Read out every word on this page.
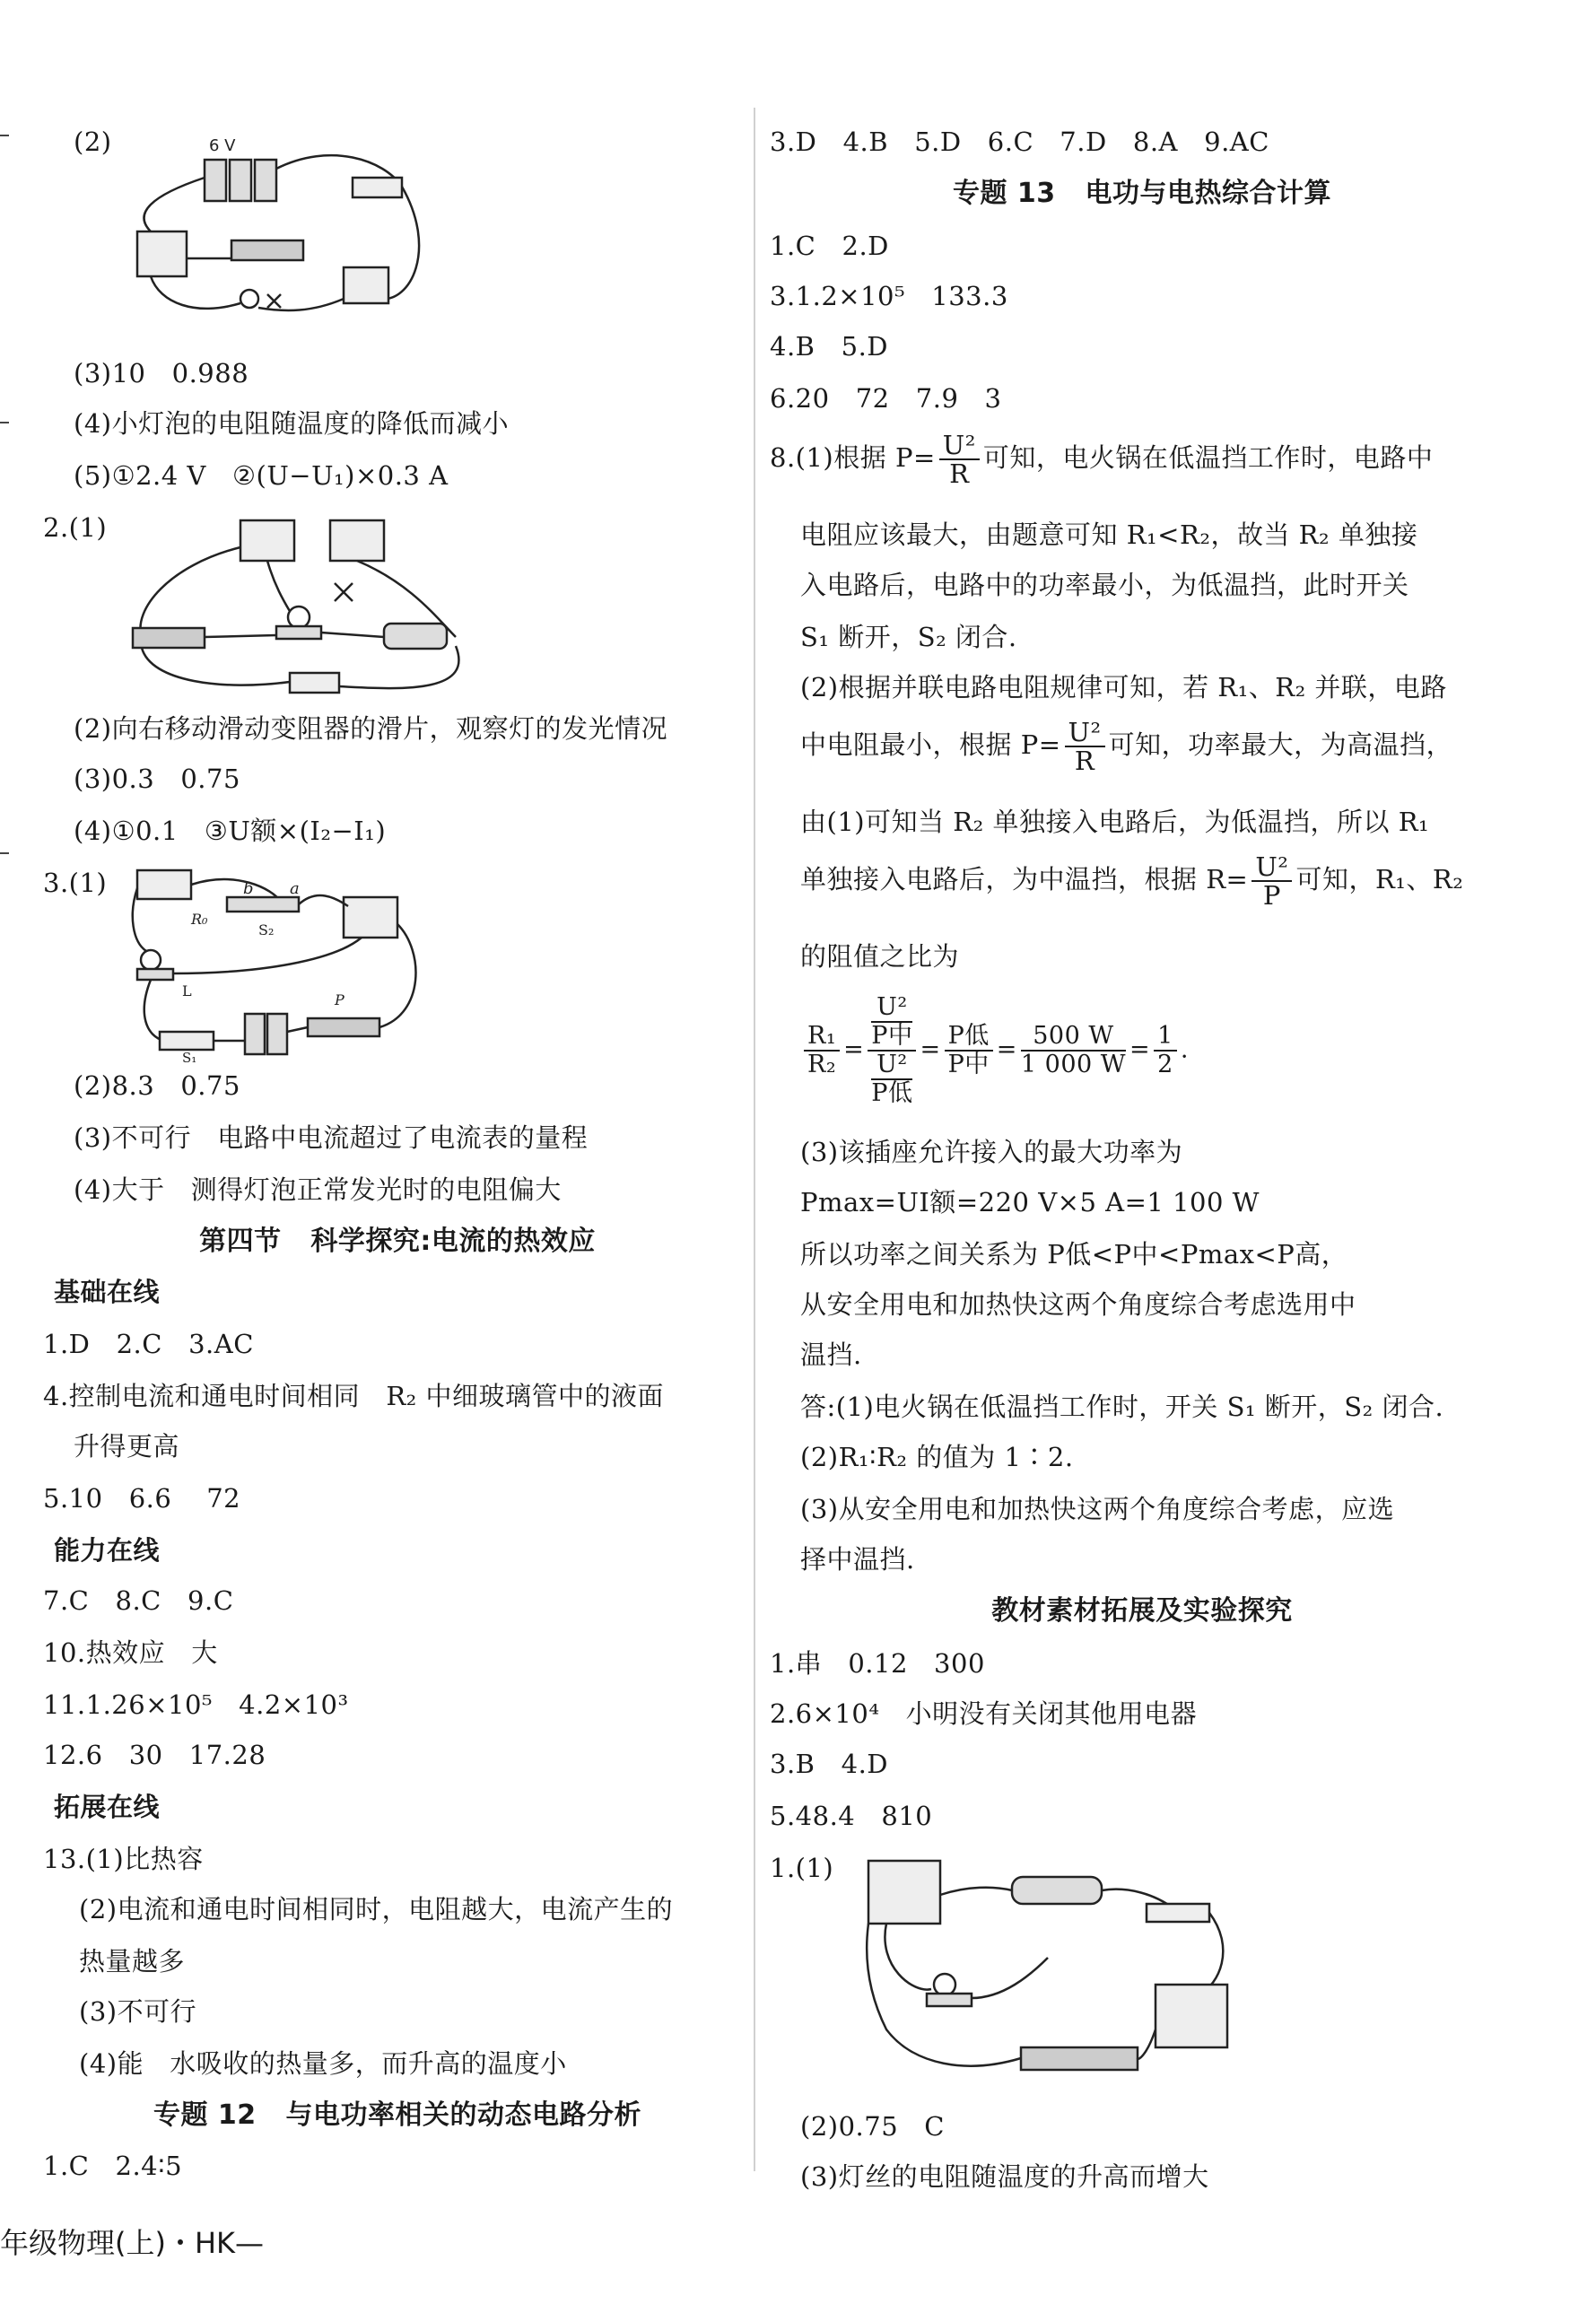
(2)	6 V
(3)10   0.988
(4)小灯泡的电阻随温度的降低而减小
(5)①2.4 V   ②(U−U₁)×0.3 A
2.(1)
(2)向右移动滑动变阻器的滑片，观察灯的发光情况
(3)0.3   0.75
(4)①0.1   ③U额×(I₂−I₁)
3.(1)	b a
R₀
S₂
L
P
S₁
(2)8.3   0.75
(3)不可行   电路中电流超过了电流表的量程
(4)大于   测得灯泡正常发光时的电阻偏大
第四节   科学探究:电流的热效应
基础在线
1.D   2.C   3.AC
4.控制电流和通电时间相同   R₂ 中细玻璃管中的液面
升得更高
5.10   6.6    72
能力在线
7.C   8.C   9.C
10.热效应   大
11.1.26×10⁵   4.2×10³
12.6   30   17.28
拓展在线
13.(1)比热容
(2)电流和通电时间相同时，电阻越大，电流产生的
热量越多
(3)不可行
(4)能   水吸收的热量多，而升高的温度小
专题 12   与电功率相关的动态电路分析
1.C   2.4∶5
3.D   4.B   5.D   6.C   7.D   8.A   9.AC
专题 13   电功与电热综合计算
1.C   2.D
3.1.2×10⁵   133.3
4.B   5.D
6.20   72   7.9   3
8.(1)根据 $P= \frac{\text{U²}}{R}$ 可知，电火锅在低温挡工作时，电路中
电阻应该最大，由题意可知 R₁<R₂，故当 R₂ 单独接
入电路后，电路中的功率最小，为低温挡，此时开关
S₁ 断开，S₂ 闭合.
(2)根据并联电路电阻规律可知，若 R₁、R₂ 并联，电路
中电阻最小，根据 $P= \frac{\text{U²}}{R}$ 可知，功率最大，为高温挡，
由(1)可知当 R₂ 单独接入电路后，为低温挡，所以 R₁
单独接入电路后，为中温挡，根据 $R= \frac{\text{U²}}{P}$ 可知，R₁、R₂
的阻值之比为
$\frac{\text{R₁}}{\text{R₂}} = \frac{\frac{\text{U²}}{\text{P中}}}{\frac{\text{U²}}{\text{P低}}} = \frac{\text{P低}}{\text{P中}} = \frac{500 W}{1 000 W} = \frac{1}{2}$ .
(3)该插座允许接入的最大功率为
Pmax=UI额=220 V×5 A=1 100 W
所以功率之间关系为 P低<P中<Pmax<P高，
从安全用电和加热快这两个角度综合考虑选用中
温挡.
答:(1)电火锅在低温挡工作时，开关 S₁ 断开，S₂ 闭合.
(2)R₁∶R₂ 的值为 1∶2.
(3)从安全用电和加热快这两个角度综合考虑，应选
择中温挡.
教材素材拓展及实验探究
1.串   0.12   300
2.6×10⁴   小明没有关闭其他用电器
3.B   4.D
5.48.4   810
1.(1)
(2)0.75   C
(3)灯丝的电阻随温度的升高而增大
年级物理(上)・HK—
